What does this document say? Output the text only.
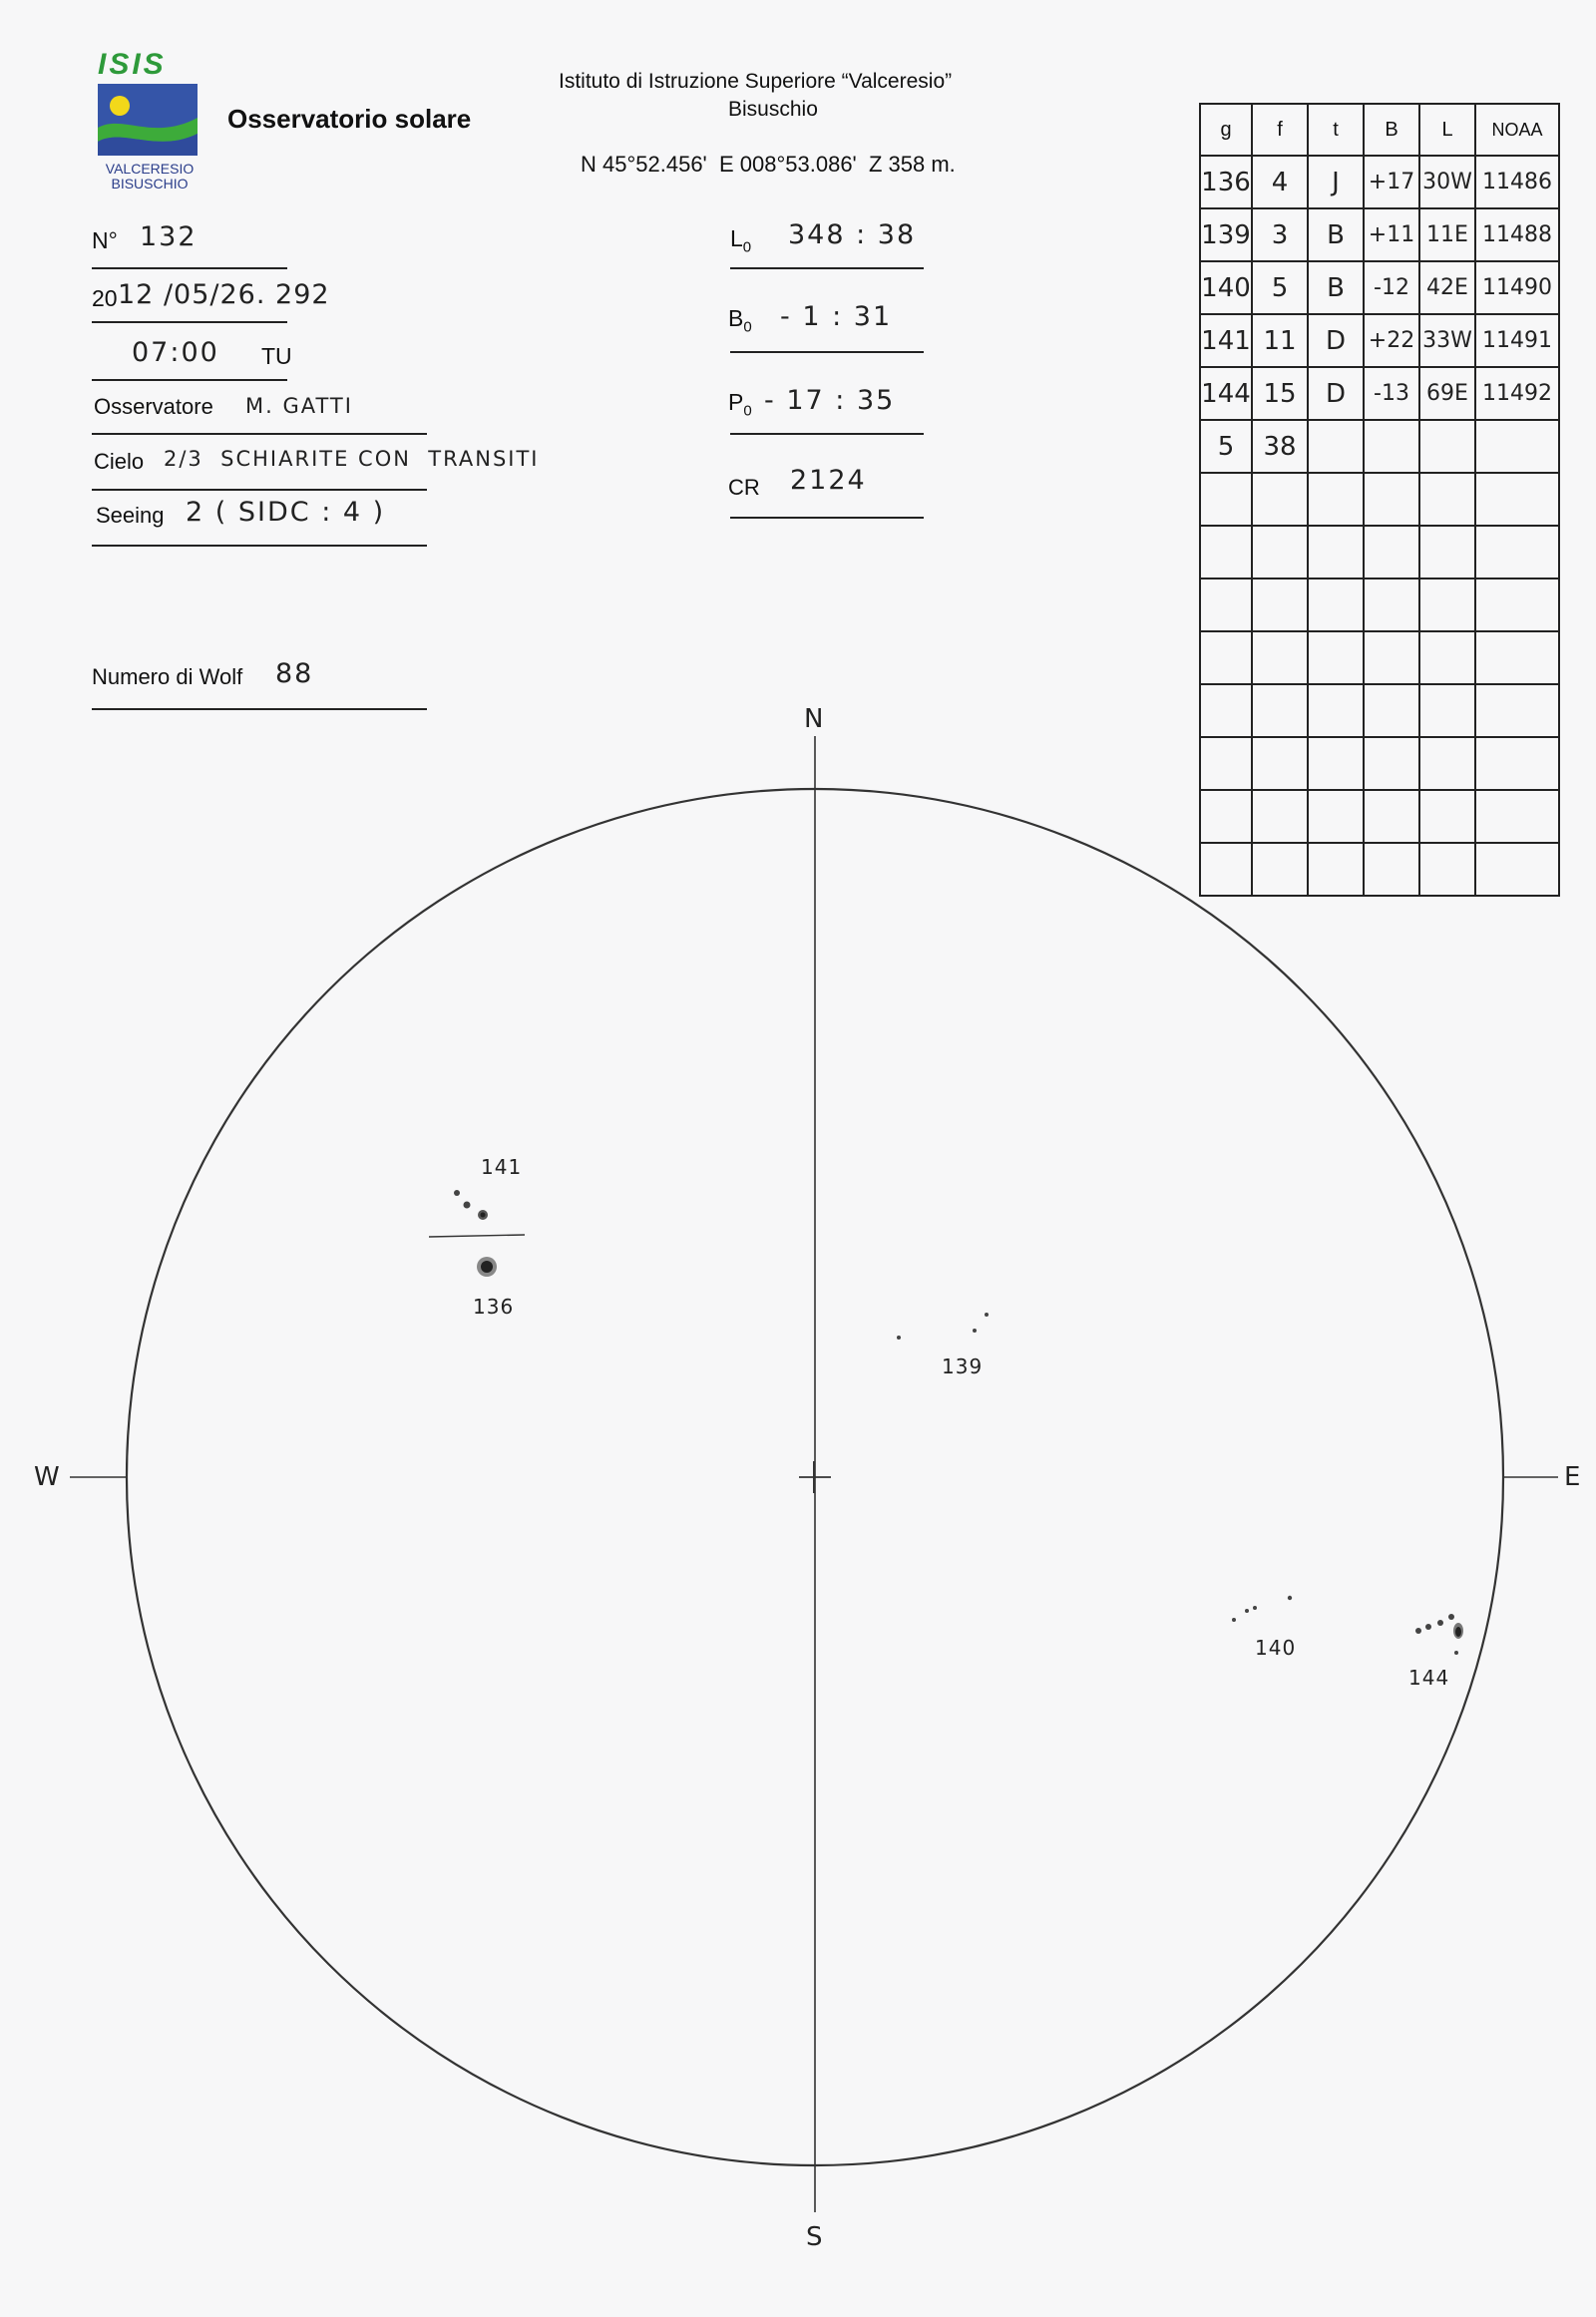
ISIS
VALCERESIO
BISUSCHIO
Osservatorio solare
Istituto di Istruzione Superiore “Valceresio”
Bisuschio
N 45°52.456'  E 008°53.086'  Z 358 m.
N° 132
20 12 /05/26. 292
07:00 TU
Osservatore M. GATTI
Cielo 2/3  SCHIARITE CON  TRANSITI
Seeing 2 ( SIDC : 4 )
Numero di Wolf 88
$L_0$ 348 : 38
$B_0 - 1$ : 31
$P_0 - 17$ : 35
CR 2124
g	f	t	B	L	NOAA
136	4	J	+17	30W	11486
139	3	B	+11	11E	11488
140	5	B	-12	42E	11490
141	11	D	+22	33W	11491
144	15	D	-13	69E	11492
5	38				

N
S
W	E
141
136
139
140
144
